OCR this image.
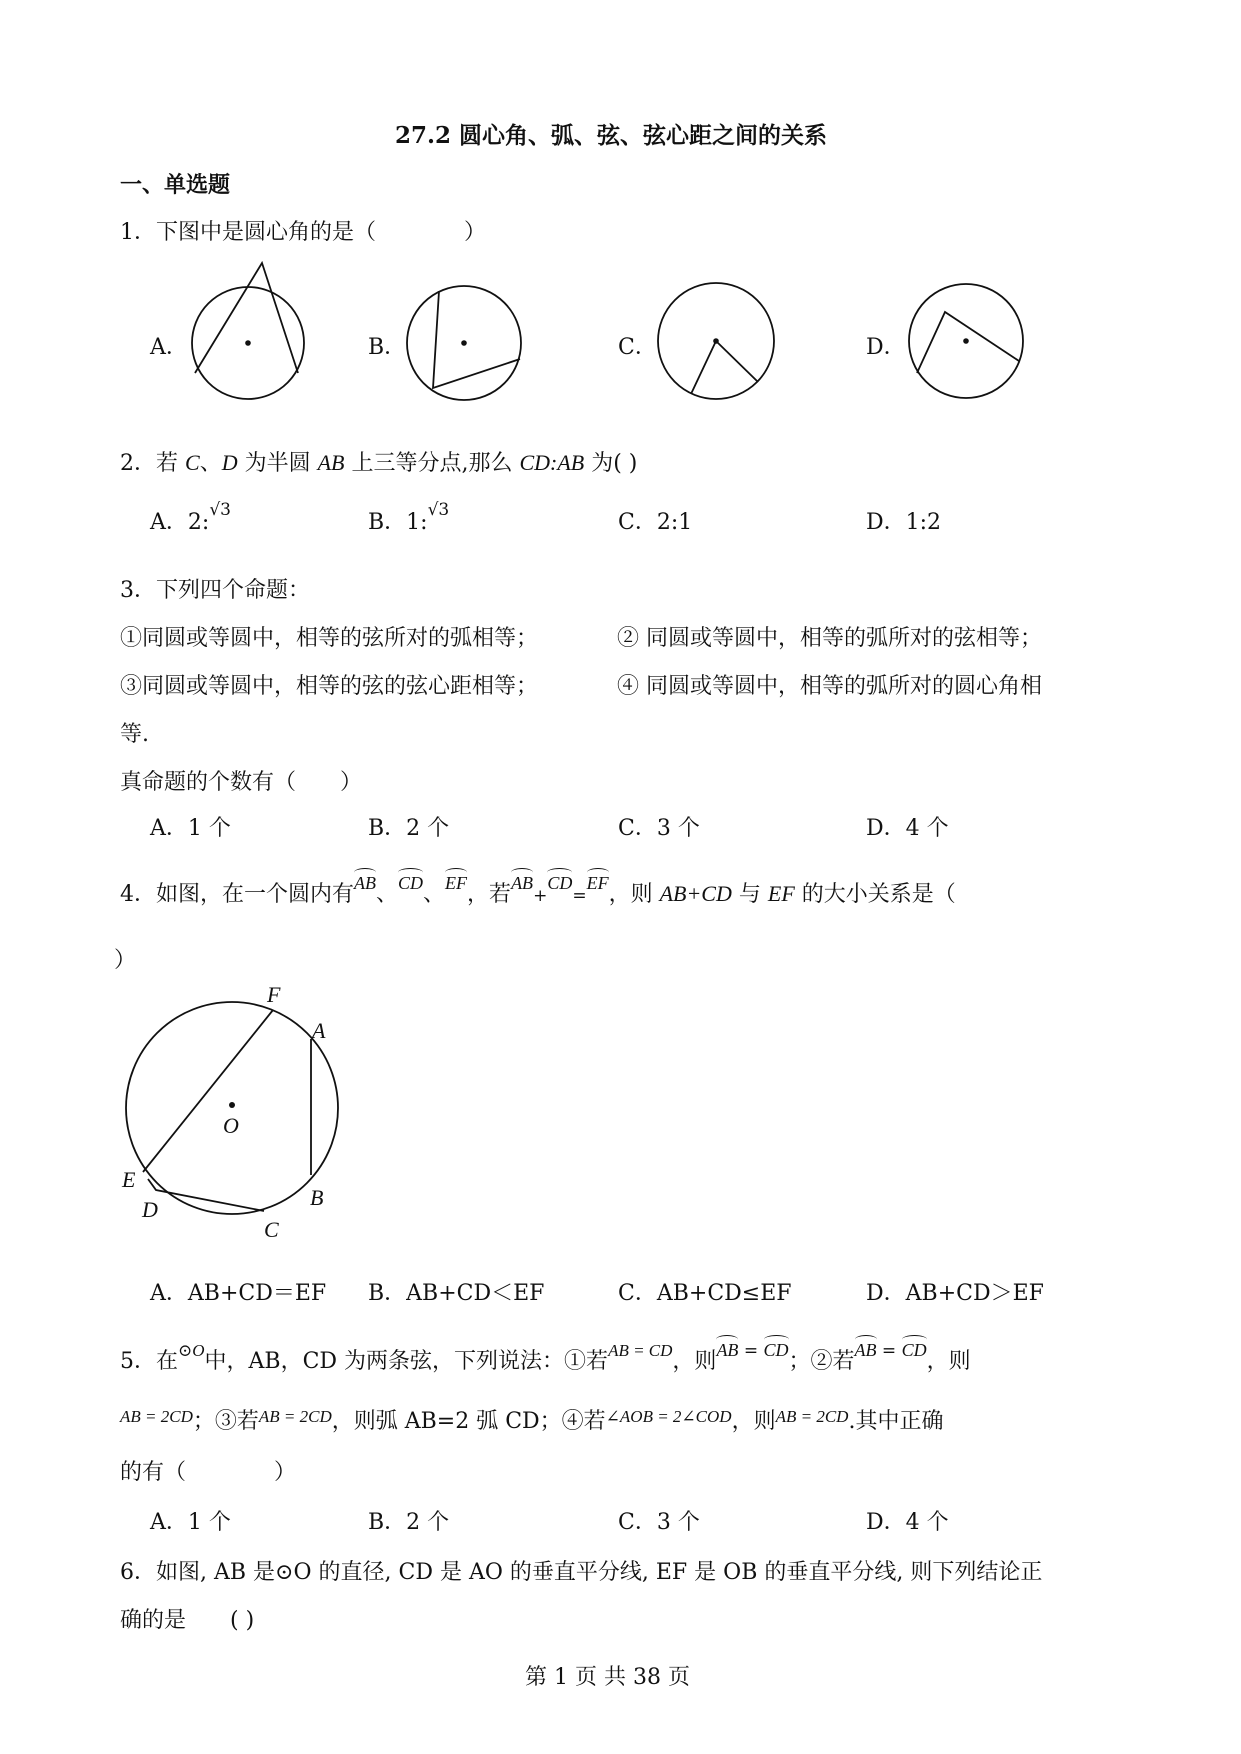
27.2 圆心角、弧、弦、弦心距之间的关系
一、单选题
1．下图中是圆心角的是（　　　　）
A．	B．	C．	D．
2．若 C、D 为半圆 AB 上三等分点,那么 CD:AB 为( )
A．2:$^{√3}$	B．1:$^{√3}$	C．2:1	D．1:2
3．下列四个命题：
①同圆或等圆中，相等的弦所对的弧相等；	② 同圆或等圆中，相等的弧所对的弦相等；
③同圆或等圆中，相等的弦的弦心距相等；	④ 同圆或等圆中，相等的弧所对的圆心角相
等.
真命题的个数有（　　）
A．1 个	B．2 个	C．3 个	D．4 个
4．如图，在一个圆内有AB、CD、EF，若AB+CD=EF，则 AB+CD 与 EF 的大小关系是（
）
F
A
O
E
D	B
C
A．AB+CD＝EF B．AB+CD＜EF	C．AB+CD≤EF	D．AB+CD＞EF
5．在$^{⊙O}$中，AB，CD 为两条弦，下列说法：①若$^{AB = CD}$，则AB = CD；②若AB = CD，则
$^{AB = 2CD}$；③若$^{AB = 2CD}$，则弧 AB=2 弧 CD；④若$^{\angle AOB = 2\angle COD}$，则$^{AB = 2CD}$.其中正确
的有（　　　　）
A．1 个	B．2 个	C．3 个	D．4 个
6．如图, AB 是⊙O 的直径, CD 是 AO 的垂直平分线, EF 是 OB 的垂直平分线, 则下列结论正
确的是　　( )
第 1 页 共 38 页
